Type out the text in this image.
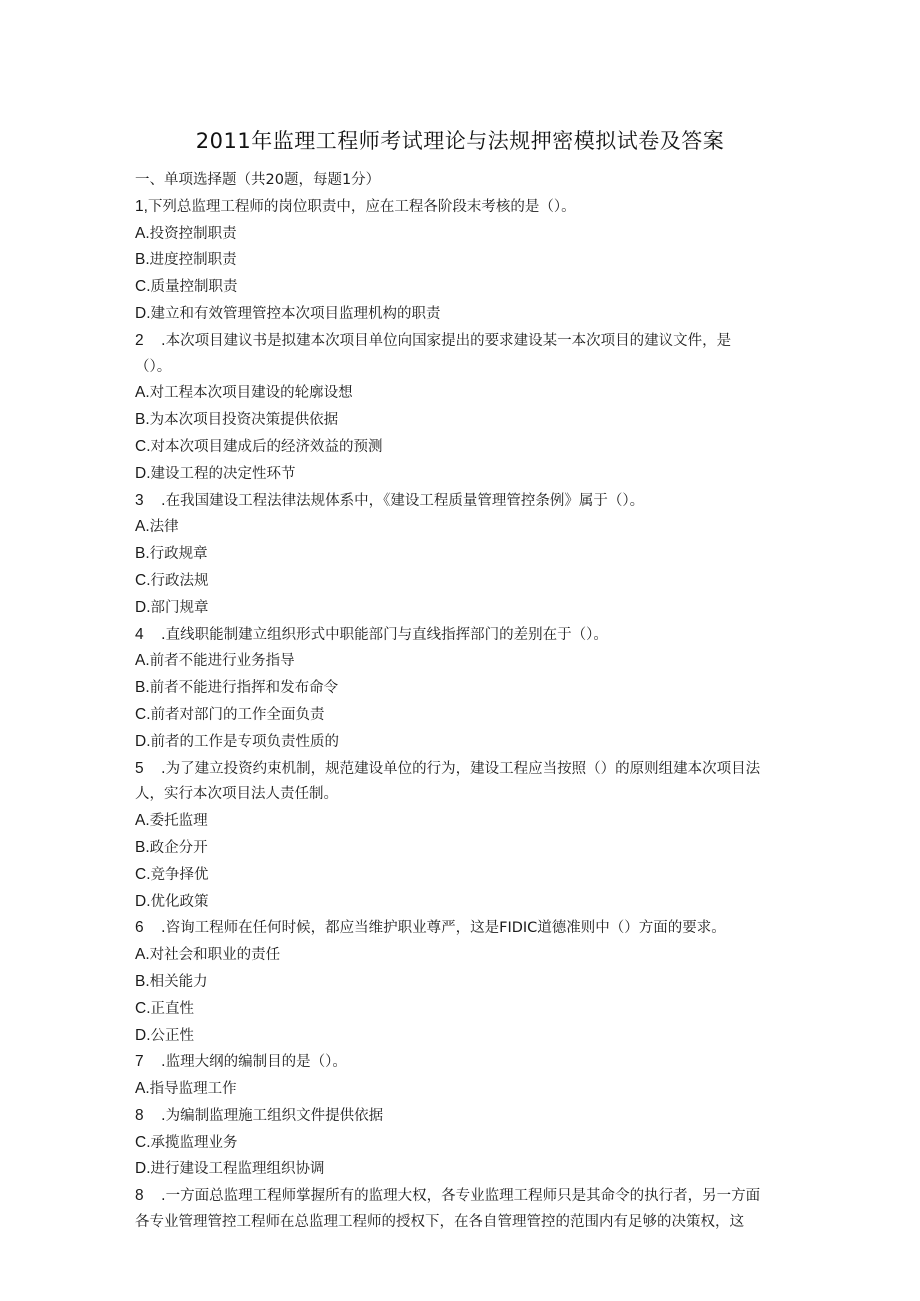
2011年监理工程师考试理论与法规押密模拟试卷及答案
一、单项选择题（共20题，每题1分）
1,下列总监理工程师的岗位职责中，应在工程各阶段末考核的是（）。
A.投资控制职责
B.进度控制职责
C.质量控制职责
D.建立和有效管理管控本次项目监理机构的职责
2 .本次项目建议书是拟建本次项目单位向国家提出的要求建设某一本次项目的建议文件，是
（）。
A.对工程本次项目建设的轮廓设想
B.为本次项目投资决策提供依据
C.对本次项目建成后的经济效益的预测
D.建设工程的决定性环节
3 .在我国建设工程法律法规体系中，《建设工程质量管理管控条例》属于（）。
A.法律
B.行政规章
C.行政法规
D.部门规章
4 .直线职能制建立组织形式中职能部门与直线指挥部门的差别在于（）。
A.前者不能进行业务指导
B.前者不能进行指挥和发布命令
C.前者对部门的工作全面负责
D.前者的工作是专项负责性质的
5 .为了建立投资约束机制，规范建设单位的行为，建设工程应当按照（）的原则组建本次项目法
人，实行本次项目法人责任制。
A.委托监理
B.政企分开
C.竞争择优
D.优化政策
6 .咨询工程师在任何时候，都应当维护职业尊严，这是FIDIC道德准则中（）方面的要求。
A.对社会和职业的责任
B.相关能力
C.正直性
D.公正性
7 .监理大纲的编制目的是（）。
A.指导监理工作
8 .为编制监理施工组织文件提供依据
C.承揽监理业务
D.进行建设工程监理组织协调
8 .一方面总监理工程师掌握所有的监理大权，各专业监理工程师只是其命令的执行者，另一方面
各专业管理管控工程师在总监理工程师的授权下，在各自管理管控的范围内有足够的决策权，这
